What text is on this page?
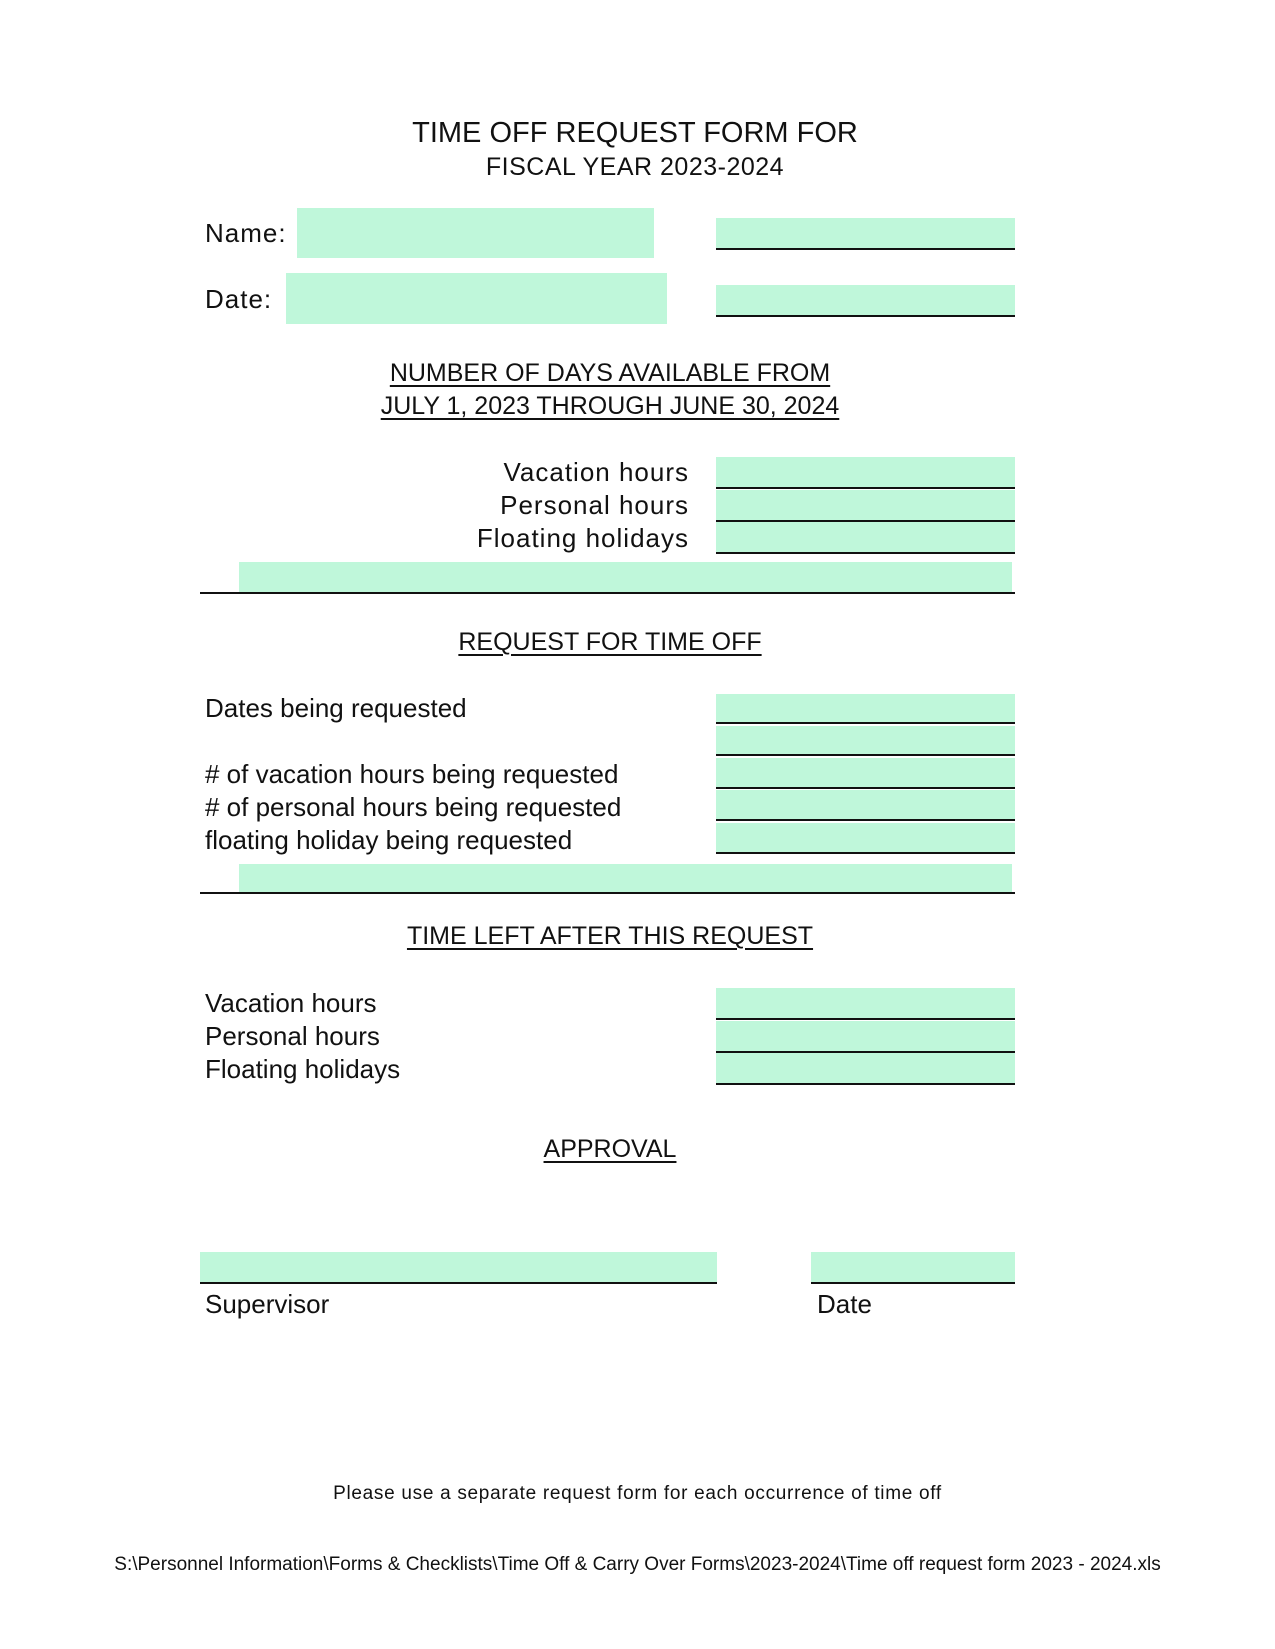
TIME OFF REQUEST FORM FOR
FISCAL YEAR 2023-2024
Name:
Date:
NUMBER OF DAYS AVAILABLE FROM
JULY 1, 2023 THROUGH JUNE 30, 2024
Vacation hours
Personal hours
Floating holidays
REQUEST FOR TIME OFF
Dates being requested
# of vacation hours being requested
# of personal hours being requested
floating holiday being requested
TIME LEFT AFTER THIS REQUEST
Vacation hours
Personal hours
Floating holidays
APPROVAL
Supervisor	Date
Please use a separate request form for each occurrence of time off
S:\Personnel Information\Forms & Checklists\Time Off & Carry Over Forms\2023-2024\Time off request form 2023 - 2024.xls
